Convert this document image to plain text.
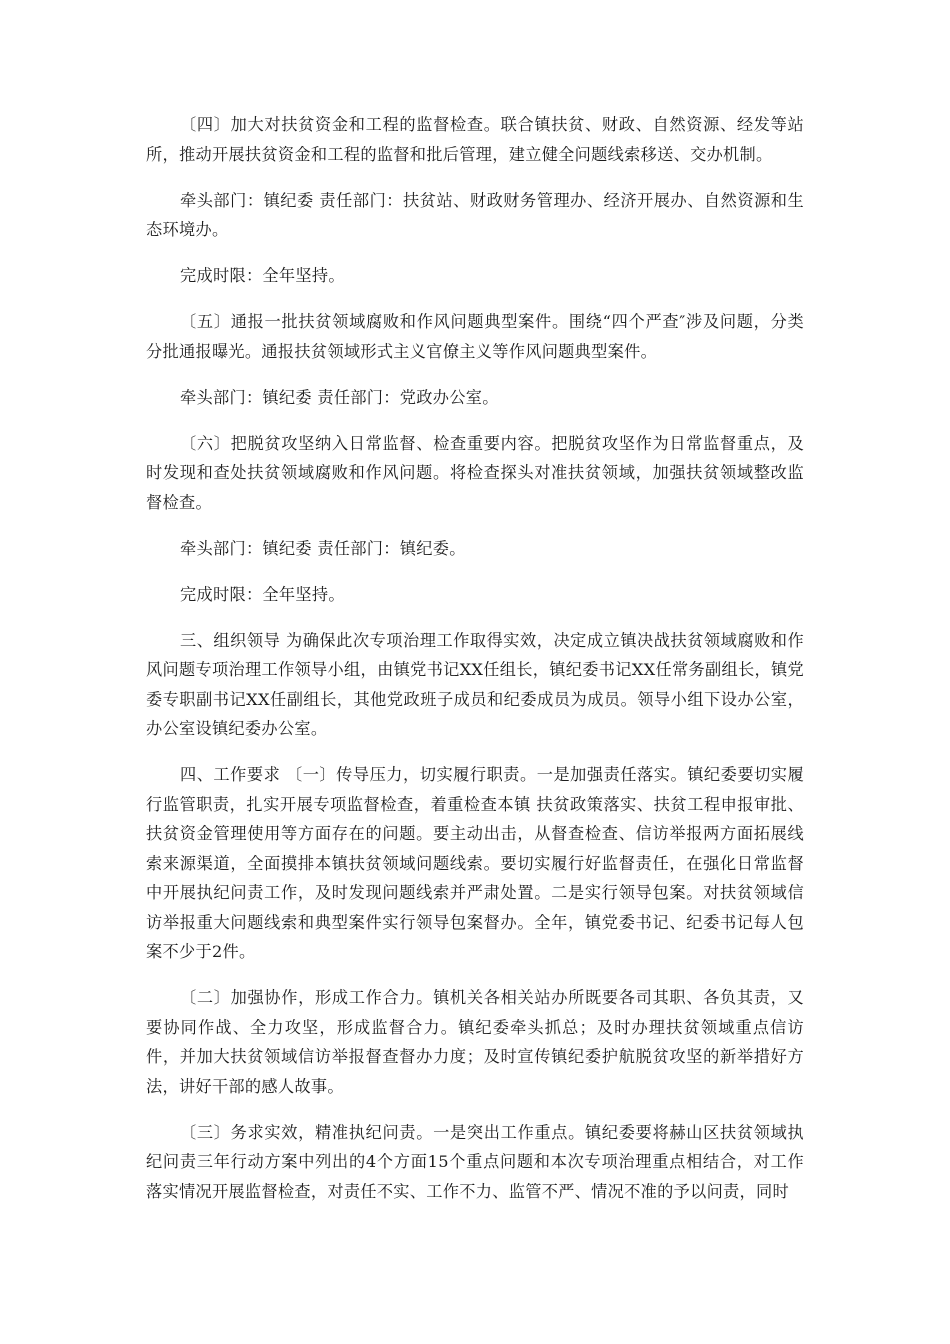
〔四〕加大对扶贫资金和工程的监督检查。联合镇扶贫、财政、自然资源、经发等站所，推动开展扶贫资金和工程的监督和批后管理，建立健全问题线索移送、交办机制。

牵头部门：镇纪委 责任部门：扶贫站、财政财务管理办、经济开展办、自然资源和生态环境办。

完成时限：全年坚持。

〔五〕通报一批扶贫领域腐败和作风问题典型案件。围绕“四个严查″涉及问题，分类分批通报曝光。通报扶贫领域形式主义官僚主义等作风问题典型案件。

牵头部门：镇纪委 责任部门：党政办公室。

〔六〕把脱贫攻坚纳入日常监督、检查重要内容。把脱贫攻坚作为日常监督重点，及时发现和查处扶贫领域腐败和作风问题。将检查探头对准扶贫领域，加强扶贫领域整改监督检查。

牵头部门：镇纪委 责任部门：镇纪委。

完成时限：全年坚持。

三、组织领导 为确保此次专项治理工作取得实效，决定成立镇决战扶贫领域腐败和作风问题专项治理工作领导小组，由镇党书记XX任组长，镇纪委书记XX任常务副组长，镇党委专职副书记XX任副组长，其他党政班子成员和纪委成员为成员。领导小组下设办公室，办公室设镇纪委办公室。

四、工作要求 〔一〕传导压力，切实履行职责。一是加强责任落实。镇纪委要切实履行监管职责，扎实开展专项监督检查，着重检查本镇 扶贫政策落实、扶贫工程申报审批、扶贫资金管理使用等方面存在的问题。要主动出击，从督查检查、信访举报两方面拓展线索来源渠道，全面摸排本镇扶贫领域问题线索。要切实履行好监督责任，在强化日常监督中开展执纪问责工作，及时发现问题线索并严肃处置。二是实行领导包案。对扶贫领域信访举报重大问题线索和典型案件实行领导包案督办。全年，镇党委书记、纪委书记每人包案不少于2件。

〔二〕加强协作，形成工作合力。镇机关各相关站办所既要各司其职、各负其责，又要协同作战、全力攻坚，形成监督合力。镇纪委牵头抓总；及时办理扶贫领域重点信访件，并加大扶贫领域信访举报督查督办力度；及时宣传镇纪委护航脱贫攻坚的新举措好方法，讲好干部的感人故事。

〔三〕务求实效，精准执纪问责。一是突出工作重点。镇纪委要将赫山区扶贫领域执纪问责三年行动方案中列出的4个方面15个重点问题和本次专项治理重点相结合，对工作落实情况开展监督检查，对责任不实、工作不力、监管不严、情况不准的予以问责，同时
